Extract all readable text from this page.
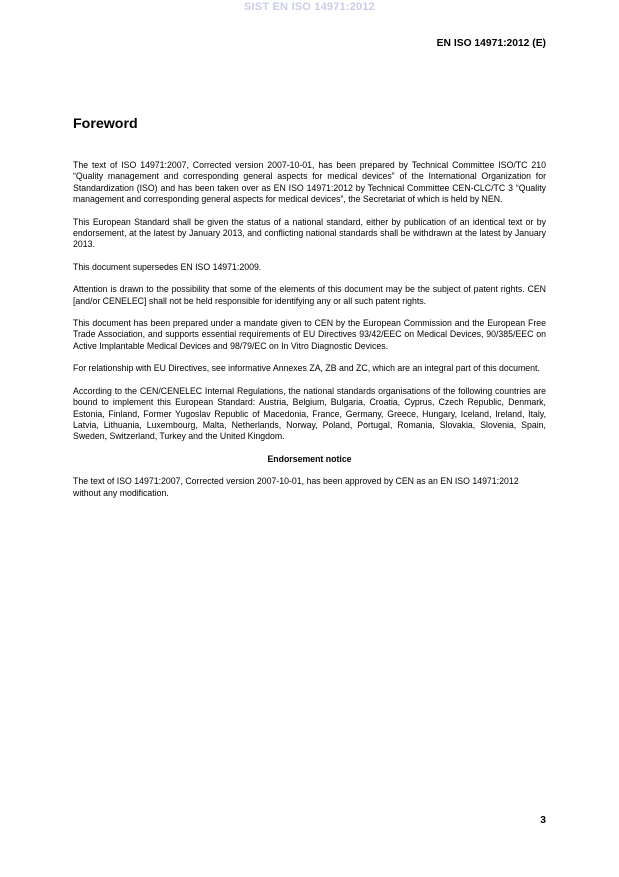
SIST EN ISO 14971:2012
EN ISO 14971:2012 (E)
Foreword

The text of ISO 14971:2007, Corrected version 2007-10-01, has been prepared by Technical Committee ISO/TC 210 “Quality management and corresponding general aspects for medical devices” of the International Organization for Standardization (ISO) and has been taken over as EN ISO 14971:2012 by Technical Committee CEN-CLC/TC 3 “Quality management and corresponding general aspects for medical devices”, the Secretariat of which is held by NEN.

This European Standard shall be given the status of a national standard, either by publication of an identical text or by endorsement, at the latest by January 2013, and conflicting national standards shall be withdrawn at the latest by January 2013.

This document supersedes EN ISO 14971:2009.

Attention is drawn to the possibility that some of the elements of this document may be the subject of patent rights. CEN [and/or CENELEC] shall not be held responsible for identifying any or all such patent rights.

This document has been prepared under a mandate given to CEN by the European Commission and the European Free Trade Association, and supports essential requirements of EU Directives 93/42/EEC on Medical Devices, 90/385/EEC on Active Implantable Medical Devices and 98/79/EC on In Vitro Diagnostic Devices.

For relationship with EU Directives, see informative Annexes ZA, ZB and ZC, which are an integral part of this document.

According to the CEN/CENELEC Internal Regulations, the national standards organisations of the following countries are bound to implement this European Standard: Austria, Belgium, Bulgaria, Croatia, Cyprus, Czech Republic, Denmark, Estonia, Finland, Former Yugoslav Republic of Macedonia, France, Germany, Greece, Hungary, Iceland, Ireland, Italy, Latvia, Lithuania, Luxembourg, Malta, Netherlands, Norway, Poland, Portugal, Romania, Slovakia, Slovenia, Spain, Sweden, Switzerland, Turkey and the United Kingdom.

Endorsement notice

The text of ISO 14971:2007, Corrected version 2007-10-01, has been approved by CEN as an EN ISO 14971:2012 without any modification.

3
